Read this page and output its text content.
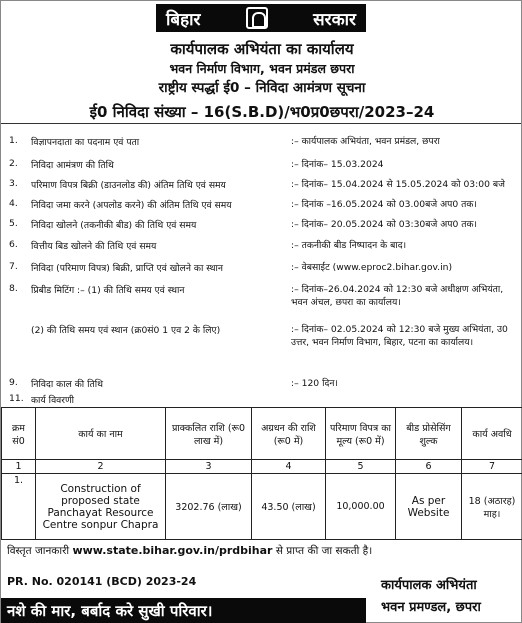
बिहार	सरकार
कार्यपालक अभियंता का कार्यालय
भवन निर्माण विभाग, भवन प्रमंडल छपरा
राष्ट्रीय स्पर्द्धा ई0 – निविदा आमंत्रण सूचना
ई0 निविदा संख्या – 16(S.B.D)/भ0प्र0छपरा/2023–24
1. विज्ञापनदाता का पदनाम एवं पता	:– कार्यपालक अभियंता, भवन प्रमंडल, छपरा
2. निविदा आमंत्रण की तिथि	:– दिनांक– 15.03.2024
3. परिमाण विपत्र बिक्री (डाउनलोड की) अंतिम तिथि एवं समय	:– दिनांक– 15.04.2024 से 15.05.2024 को 03:00 बजे
4. निविदा जमा करने (अपलोड करने) की अंतिम तिथि एवं समय	:– दिनांक –16.05.2024 को 03.00बजे अप0 तक।
5. निविदा खोलने (तकनीकी बीड) की तिथि एवं समय	:– दिनांक– 20.05.2024 को 03:30बजे अप0 तक।
6. वित्तीय बिड खोलने की तिथि एवं समय	:– तकनीकी बीड निष्पादन के बाद।
7. निविदा (परिमाण विपत्र) बिक्री, प्राप्ति एवं खोलने का स्थान	:– वेबसाईट (www.eproc2.bihar.gov.in)
8. प्रिबीड मिटिंग :– (1) की तिथि समय एवं स्थान	:– दिनांक–26.04.2024 को 12:30 बजे अधीक्षण अभियंता, भवन अंचल, छपरा का कार्यालय।
(2) की तिथि समय एवं स्थान (क्र0सं0 1 एव 2 के लिए)	:– दिनांक– 02.05.2024 को 12:30 बजे मुख्य अभियंता, उ0 उत्तर, भवन निर्माण विभाग, बिहार, पटना का कार्यालय।
9. निविदा काल की तिथि	:– 120 दिन।
11. कार्य विवरणी
क्रम सं0	कार्य का नाम	प्राक्कलित राशि (रू0 लाख में)	अग्रधन की राशि (रू0 में)	परिमाण विपत्र का मूल्य (रू0 में)	बीड प्रोसेसिंग शुल्क	कार्य अवधि
1	2	3	4	5	6	7
1.	Construction of proposed state Panchayat Resource Centre sonpur Chapra	3202.76 (लाख)	43.50 (लाख)	10,000.00	As per Website	18 (अठारह) माह।
विस्तृत जानकारी www.state.bihar.gov.in/prdbihar से प्राप्त की जा सकती है।
PR. No. 020141 (BCD) 2023-24	कार्यपालक अभियंता
भवन प्रमण्डल, छपरा
नशे की मार, बर्बाद करे सुखी परिवार।
